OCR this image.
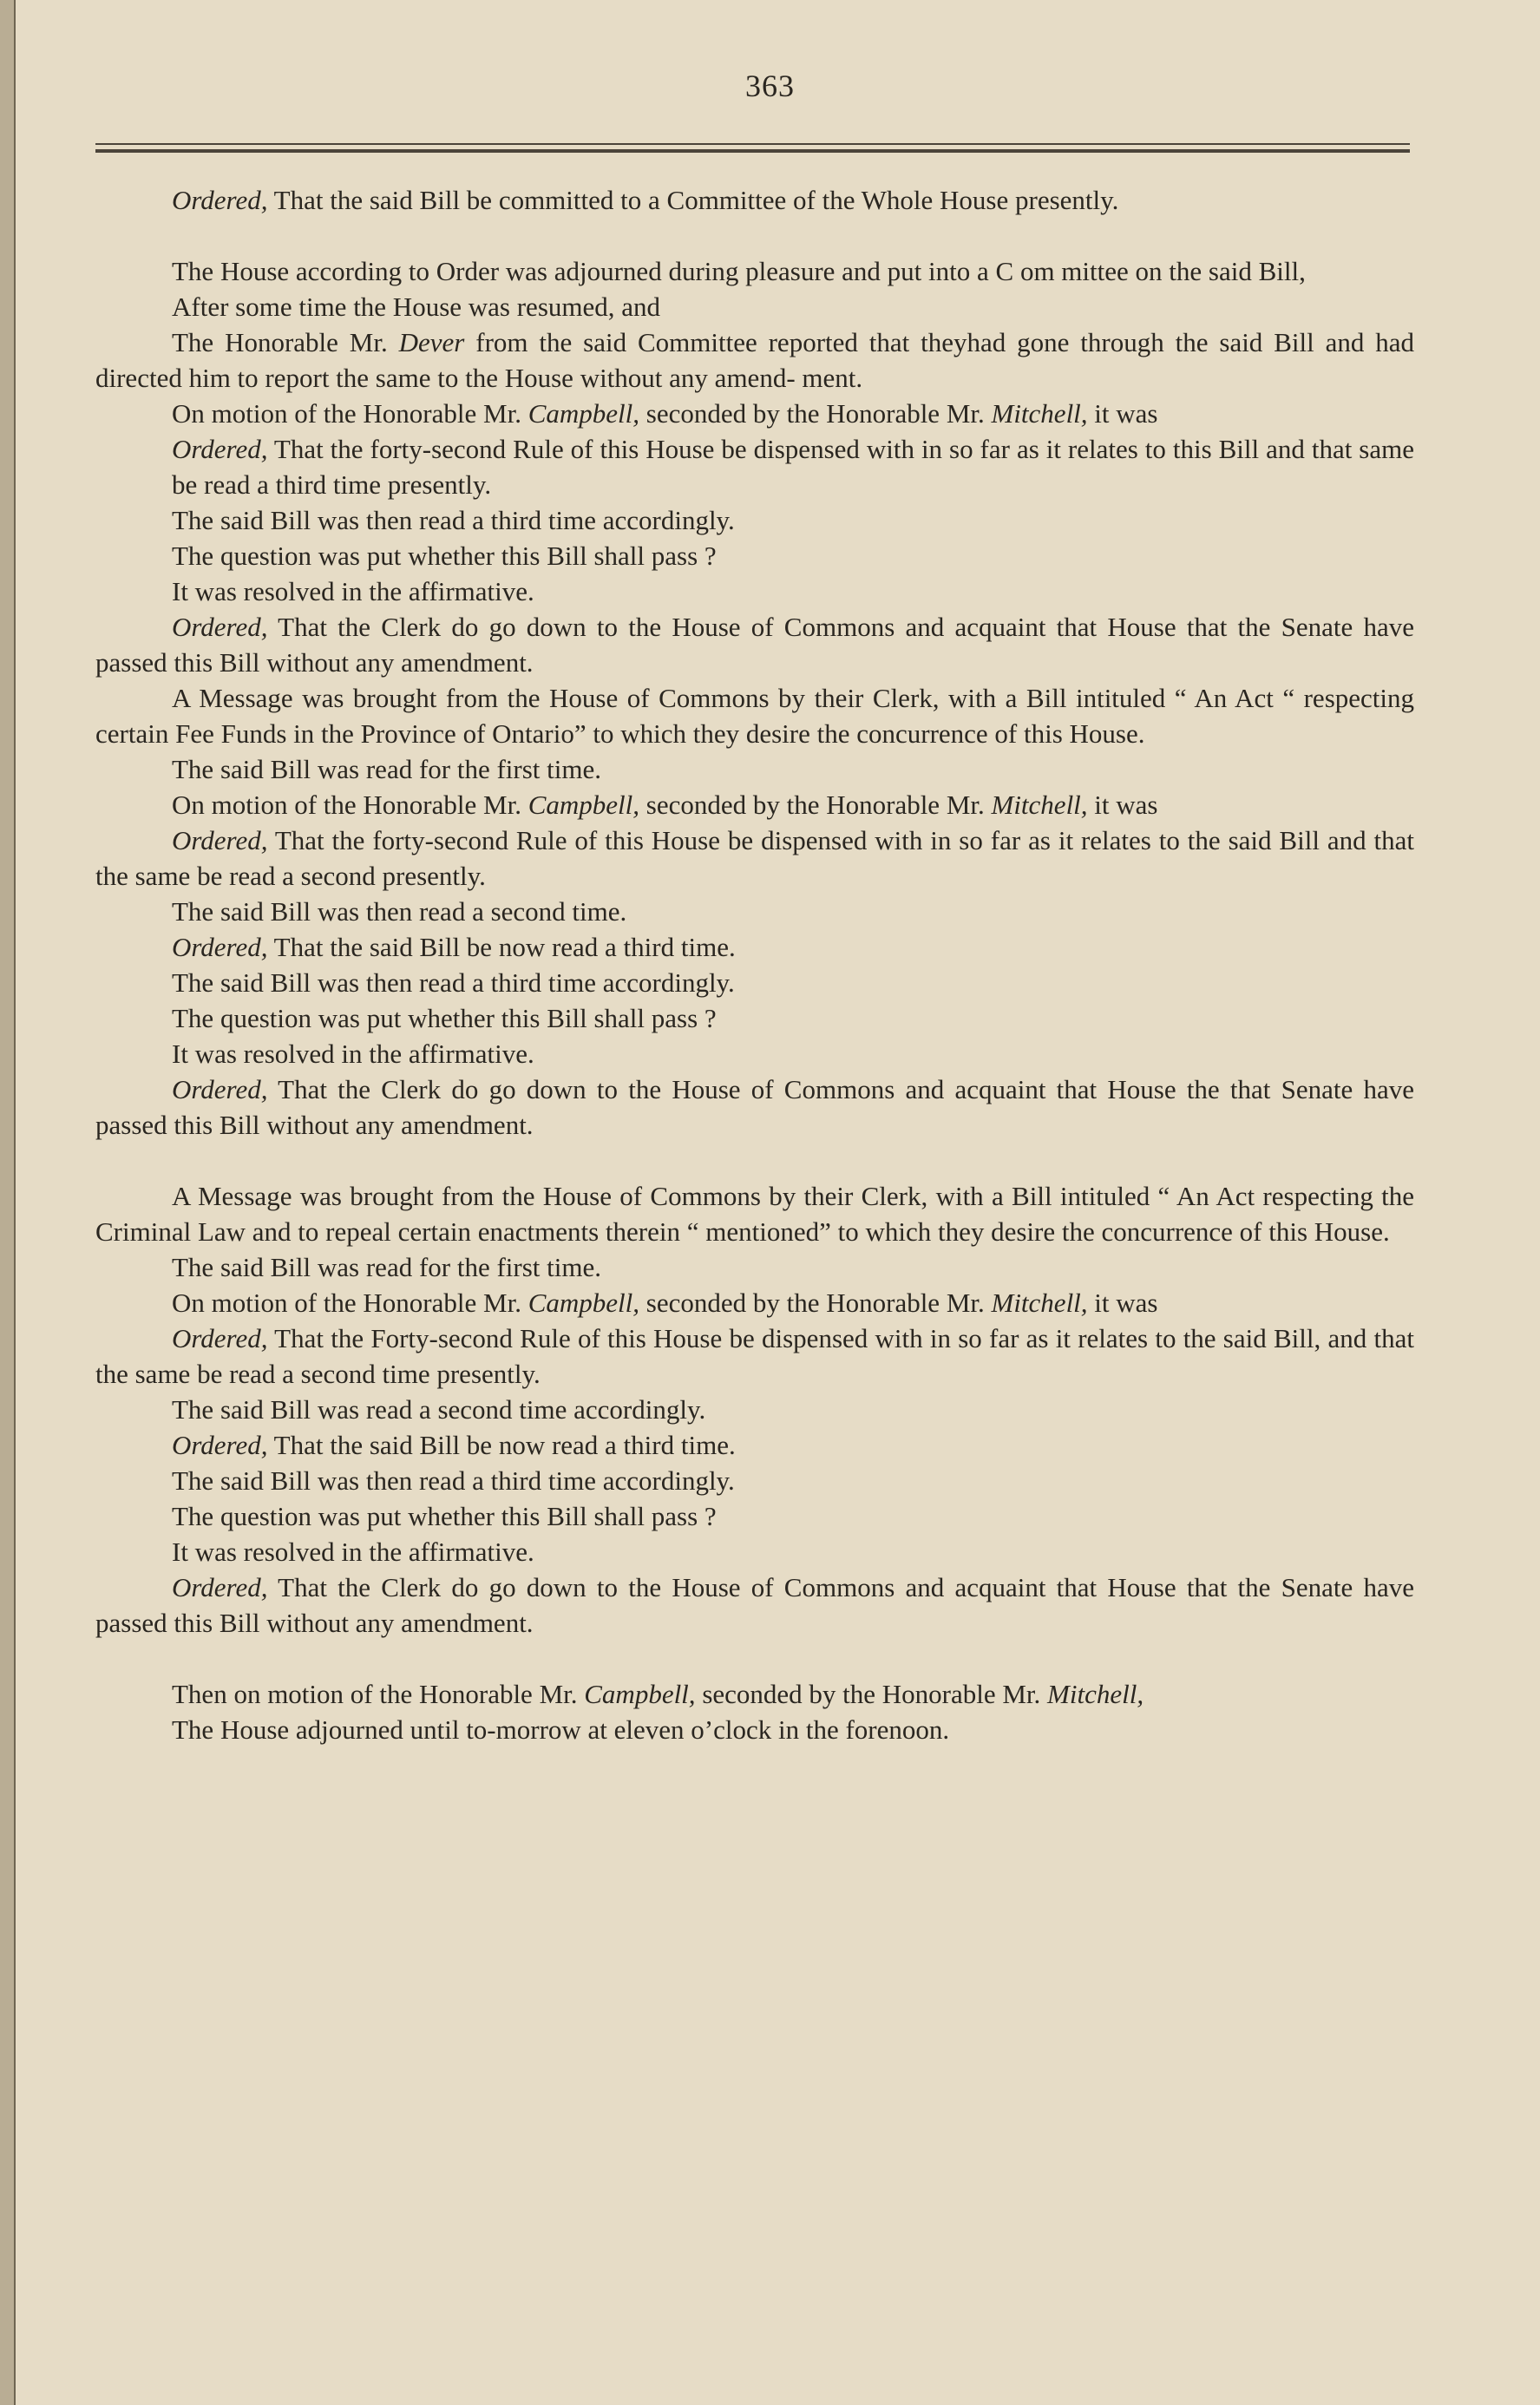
363

Ordered, That the said Bill be committed to a Committee of the Whole House presently.

The House according to Order was adjourned during pleasure and put into a C om mittee on the said Bill,

After some time the House was resumed, and

The Honorable Mr. Dever from the said Committee reported that theyhad gone through the said Bill and had directed him to report the same to the House without any amend- ment.

On motion of the Honorable Mr. Campbell, seconded by the Honorable Mr. Mitchell, it was

Ordered, That the forty-second Rule of this House be dispensed with in so far as it relates to this Bill and that same be read a third time presently.

The said Bill was then read a third time accordingly.

The question was put whether this Bill shall pass ?

It was resolved in the affirmative.

Ordered, That the Clerk do go down to the House of Commons and acquaint that House that the Senate have passed this Bill without any amendment.

A Message was brought from the House of Commons by their Clerk, with a Bill intituled “ An Act “ respecting certain Fee Funds in the Province of Ontario” to which they desire the concurrence of this House.

The said Bill was read for the first time.

On motion of the Honorable Mr. Campbell, seconded by the Honorable Mr. Mitchell, it was

Ordered, That the forty-second Rule of this House be dispensed with in so far as it relates to the said Bill and that the same be read a second presently.

The said Bill was then read a second time.

Ordered, That the said Bill be now read a third time.

The said Bill was then read a third time accordingly.

The question was put whether this Bill shall pass ?

It was resolved in the affirmative.

Ordered, That the Clerk do go down to the House of Commons and acquaint that House the that Senate have passed this Bill without any amendment.

A Message was brought from the House of Commons by their Clerk, with a Bill intituled “ An Act respecting the Criminal Law and to repeal certain enactments therein “ mentioned” to which they desire the concurrence of this House.

The said Bill was read for the first time.

On motion of the Honorable Mr. Campbell, seconded by the Honorable Mr. Mitchell, it was

Ordered, That the Forty-second Rule of this House be dispensed with in so far as it relates to the said Bill, and that the same be read a second time presently.

The said Bill was read a second time accordingly.

Ordered, That the said Bill be now read a third time.

The said Bill was then read a third time accordingly.

The question was put whether this Bill shall pass ?

It was resolved in the affirmative.

Ordered, That the Clerk do go down to the House of Commons and acquaint that House that the Senate have passed this Bill without any amendment.

Then on motion of the Honorable Mr. Campbell, seconded by the Honorable Mr. Mitchell,

The House adjourned until to-morrow at eleven o’clock in the forenoon.
